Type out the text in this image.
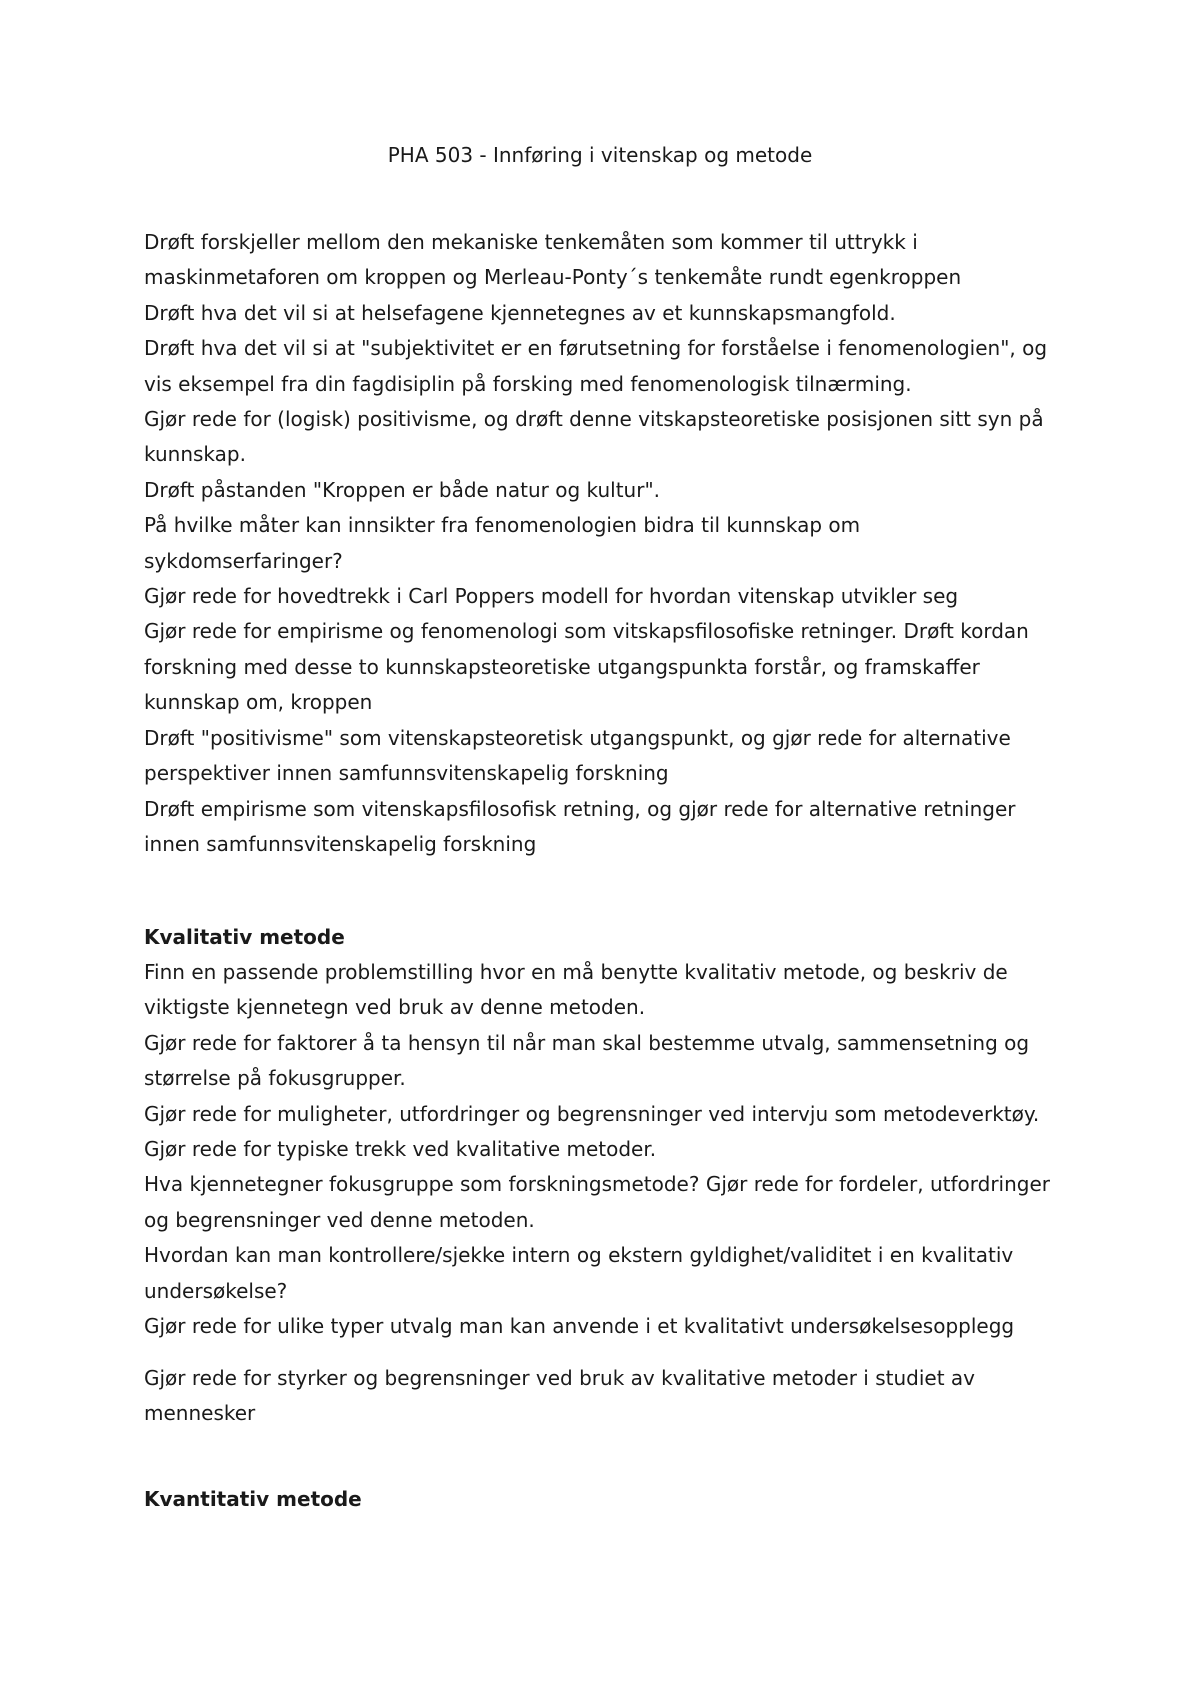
PHA 503 - Innføring i vitenskap og metode

Drøft forskjeller mellom den mekaniske tenkemåten som kommer til uttrykk i maskinmetaforen om kroppen og Merleau-Ponty´s tenkemåte rundt egenkroppen

Drøft hva det vil si at helsefagene kjennetegnes av et kunnskapsmangfold.

Drøft hva det vil si at "subjektivitet er en førutsetning for forståelse i fenomenologien", og vis eksempel fra din fagdisiplin på forsking med fenomenologisk tilnærming.

Gjør rede for (logisk) positivisme, og drøft denne vitskapsteoretiske posisjonen sitt syn på kunnskap.

Drøft påstanden "Kroppen er både natur og kultur".

På hvilke måter kan innsikter fra fenomenologien bidra til kunnskap om sykdomserfaringer?

Gjør rede for hovedtrekk i Carl Poppers modell for hvordan vitenskap utvikler seg

Gjør rede for empirisme og fenomenologi som vitskapsfilosofiske retninger. Drøft kordan forskning med desse to kunnskapsteoretiske utgangspunkta forstår, og framskaffer kunnskap om, kroppen

Drøft "positivisme" som vitenskapsteoretisk utgangspunkt, og gjør rede for alternative perspektiver innen samfunnsvitenskapelig forskning

Drøft empirisme som vitenskapsfilosofisk retning, og gjør rede for alternative retninger innen samfunnsvitenskapelig forskning

Kvalitativ metode

Finn en passende problemstilling hvor en må benytte kvalitativ metode, og beskriv de viktigste kjennetegn ved bruk av denne metoden.

Gjør rede for faktorer å ta hensyn til når man skal bestemme utvalg, sammensetning og størrelse på fokusgrupper.

Gjør rede for muligheter, utfordringer og begrensninger ved intervju som metodeverktøy.

Gjør rede for typiske trekk ved kvalitative metoder.

Hva kjennetegner fokusgruppe som forskningsmetode? Gjør rede for fordeler, utfordringer og begrensninger ved denne metoden.

Hvordan kan man kontrollere/sjekke intern og ekstern gyldighet/validitet i en kvalitativ undersøkelse?

Gjør rede for ulike typer utvalg man kan anvende i et kvalitativt undersøkelsesopplegg

Gjør rede for styrker og begrensninger ved bruk av kvalitative metoder i studiet av mennesker

Kvantitativ metode
